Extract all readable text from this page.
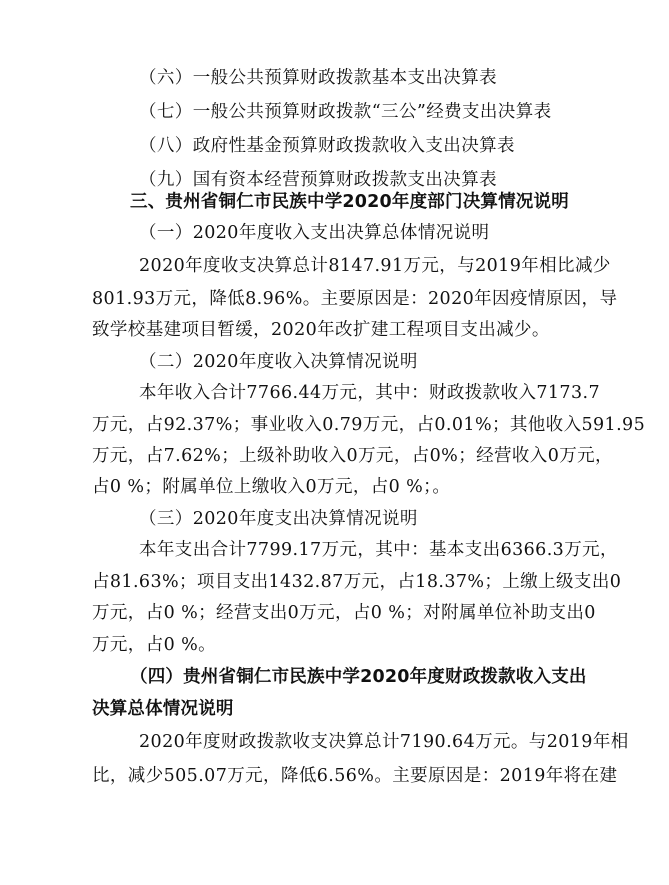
（六）一般公共预算财政拨款基本支出决算表
（七）一般公共预算财政拨款“三公”经费支出决算表
（八）政府性基金预算财政拨款收入支出决算表
（九）国有资本经营预算财政拨款支出决算表
三、贵州省铜仁市民族中学2020年度部门决算情况说明
（一）2020年度收入支出决算总体情况说明
2020年度收支决算总计8147.91万元，与2019年相比减少
801.93万元，降低8.96%。主要原因是：2020年因疫情原因，导
致学校基建项目暂缓，2020年改扩建工程项目支出减少。
（二）2020年度收入决算情况说明
本年收入合计7766.44万元，其中：财政拨款收入7173.7
万元，占92.37%；事业收入0.79万元，占0.01%；其他收入591.95
万元，占7.62%；上级补助收入0万元，占0%；经营收入0万元，
占0 %；附属单位上缴收入0万元，占0 %；。
（三）2020年度支出决算情况说明
本年支出合计7799.17万元，其中：基本支出6366.3万元，
占81.63%；项目支出1432.87万元，占18.37%；上缴上级支出0
万元，占0 %；经营支出0万元，占0 %；对附属单位补助支出0
万元，占0 %。
（四）贵州省铜仁市民族中学2020年度财政拨款收入支出
决算总体情况说明
2020年度财政拨款收支决算总计7190.64万元。与2019年相
比，减少505.07万元，降低6.56%。主要原因是：2019年将在建
